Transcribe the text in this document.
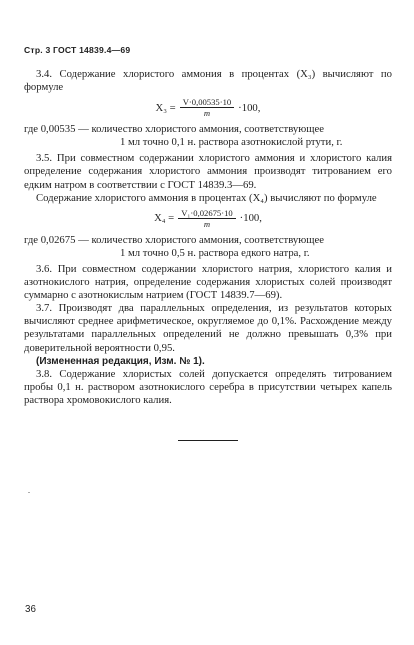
Стр. 3 ГОСТ 14839.4—69

3.4. Содержание хлористого аммония в процентах (X₃) вычисляют по формуле

$X_3 = \frac{V\cdot 0,00535\cdot 10}{m} \cdot 100$,

где 0,00535 — количество хлористого аммония, соответствующее

1 мл точно 0,1 н. раствора азотнокислой ртути, г.

3.5. При совместном содержании хлористого аммония и хлористого калия определение содержания хлористого аммония производят титрованием его едким натром в соответствии с ГОСТ 14839.3—69.

Содержание хлористого аммония в процентах (X₄) вычисляют по формуле

$X_4 = \frac{\text{V₁·0,02675·10}}{m} \cdot 100$,

где 0,02675 — количество хлористого аммония, соответствующее

1 мл точно 0,5 н. раствора едкого натра, г.

3.6. При совместном содержании хлористого натрия, хлористого калия и азотнокислого натрия, определение содержания хлористых солей производят суммарно с азотнокислым натрием (ГОСТ 14839.7—69).

3.7. Производят два параллельных определения, из результатов которых вычисляют среднее арифметическое, округляемое до 0,1%. Расхождение между результатами параллельных определений не должно превышать 0,3% при доверительной вероятности 0,95.

(Измененная редакция, Изм. № 1).

3.8. Содержание хлористых солей допускается определять титрованием пробы 0,1 н. раствором азотнокислого серебра в присутствии четырех капель раствора хромовокислого калия.

.
36
